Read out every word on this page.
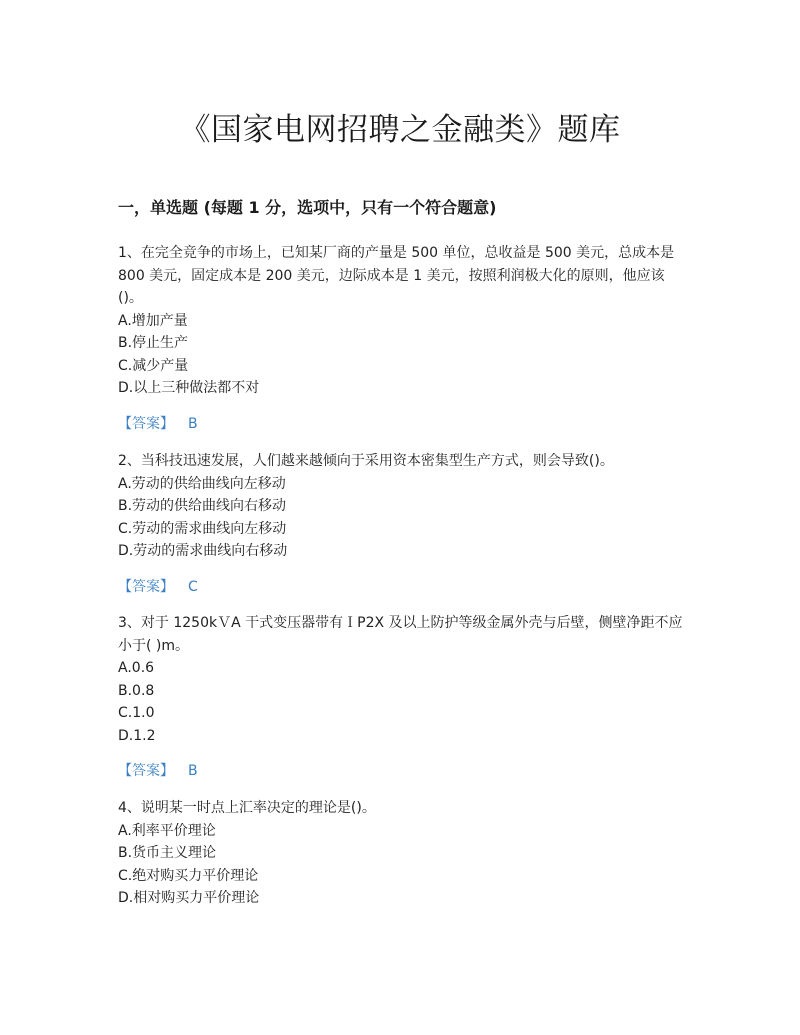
《国家电网招聘之金融类》题库
一，单选题 (每题 1 分，选项中，只有一个符合题意)

1、在完全竞争的市场上，已知某厂商的产量是 500 单位，总收益是 500 美元，总成本是 800 美元，固定成本是 200 美元，边际成本是 1 美元，按照利润极大化的原则，他应该()。

A.增加产量
B.停止生产
C.减少产量
D.以上三种做法都不对
【答案】 B

2、当科技迅速发展，人们越来越倾向于采用资本密集型生产方式，则会导致()。

A.劳动的供给曲线向左移动
B.劳动的供给曲线向右移动
C.劳动的需求曲线向左移动
D.劳动的需求曲线向右移动
【答案】 C

3、对于 1250kＶA 干式变压器带有ＩP2X 及以上防护等级金属外壳与后壁，侧壁净距不应小于( )m。

A.0.6
B.0.8
C.1.0
D.1.2
【答案】 B

4、说明某一时点上汇率决定的理论是()。

A.利率平价理论
B.货币主义理论
C.绝对购买力平价理论
D.相对购买力平价理论
